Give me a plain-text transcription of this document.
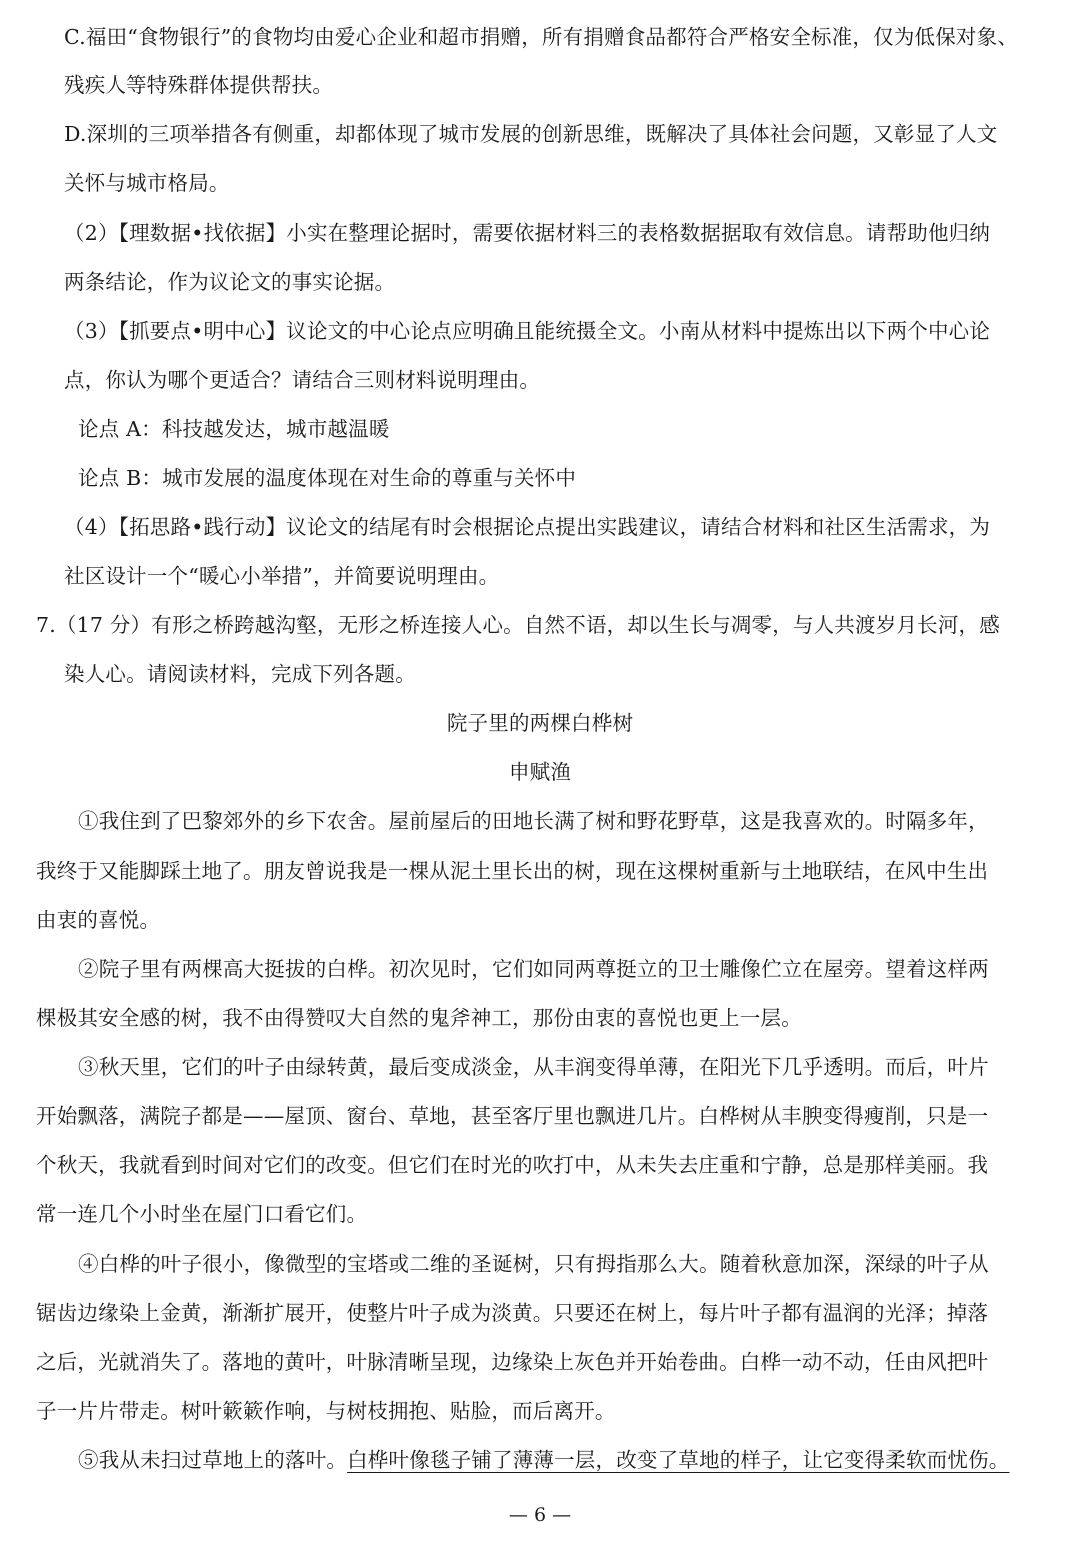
C.福田“食物银行”的食物均由爱心企业和超市捐赠，所有捐赠食品都符合严格安全标准，仅为低保对象、
残疾人等特殊群体提供帮扶。
D.深圳的三项举措各有侧重，却都体现了城市发展的创新思维，既解决了具体社会问题，又彰显了人文
关怀与城市格局。
（2）【理数据•找依据】小实在整理论据时，需要依据材料三的表格数据据取有效信息。请帮助他归纳
两条结论，作为议论文的事实论据。
（3）【抓要点•明中心】议论文的中心论点应明确且能统摄全文。小南从材料中提炼出以下两个中心论
点，你认为哪个更适合？请结合三则材料说明理由。
论点 A：科技越发达，城市越温暖
论点 B：城市发展的温度体现在对生命的尊重与关怀中
（4）【拓思路•践行动】议论文的结尾有时会根据论点提出实践建议，请结合材料和社区生活需求，为
社区设计一个“暖心小举措”，并简要说明理由。
7.（17 分）有形之桥跨越沟壑，无形之桥连接人心。自然不语，却以生长与凋零，与人共渡岁月长河，感
染人心。请阅读材料，完成下列各题。
院子里的两棵白桦树
申赋渔
①我住到了巴黎郊外的乡下农舍。屋前屋后的田地长满了树和野花野草，这是我喜欢的。时隔多年，
我终于又能脚踩土地了。朋友曾说我是一棵从泥土里长出的树，现在这棵树重新与土地联结，在风中生出
由衷的喜悦。
②院子里有两棵高大挺拔的白桦。初次见时，它们如同两尊挺立的卫士雕像伫立在屋旁。望着这样两
棵极其安全感的树，我不由得赞叹大自然的鬼斧神工，那份由衷的喜悦也更上一层。
③秋天里，它们的叶子由绿转黄，最后变成淡金，从丰润变得单薄，在阳光下几乎透明。而后，叶片
开始飘落，满院子都是——屋顶、窗台、草地，甚至客厅里也飘进几片。白桦树从丰腴变得瘦削，只是一
个秋天，我就看到时间对它们的改变。但它们在时光的吹打中，从未失去庄重和宁静，总是那样美丽。我
常一连几个小时坐在屋门口看它们。
④白桦的叶子很小，像微型的宝塔或二维的圣诞树，只有拇指那么大。随着秋意加深，深绿的叶子从
锯齿边缘染上金黄，渐渐扩展开，使整片叶子成为淡黄。只要还在树上，每片叶子都有温润的光泽；掉落
之后，光就消失了。落地的黄叶，叶脉清晰呈现，边缘染上灰色并开始卷曲。白桦一动不动，任由风把叶
子一片片带走。树叶簌簌作响，与树枝拥抱、贴脸，而后离开。
⑤我从未扫过草地上的落叶。白桦叶像毯子铺了薄薄一层，改变了草地的样子，让它变得柔软而忧伤。
— 6 —
